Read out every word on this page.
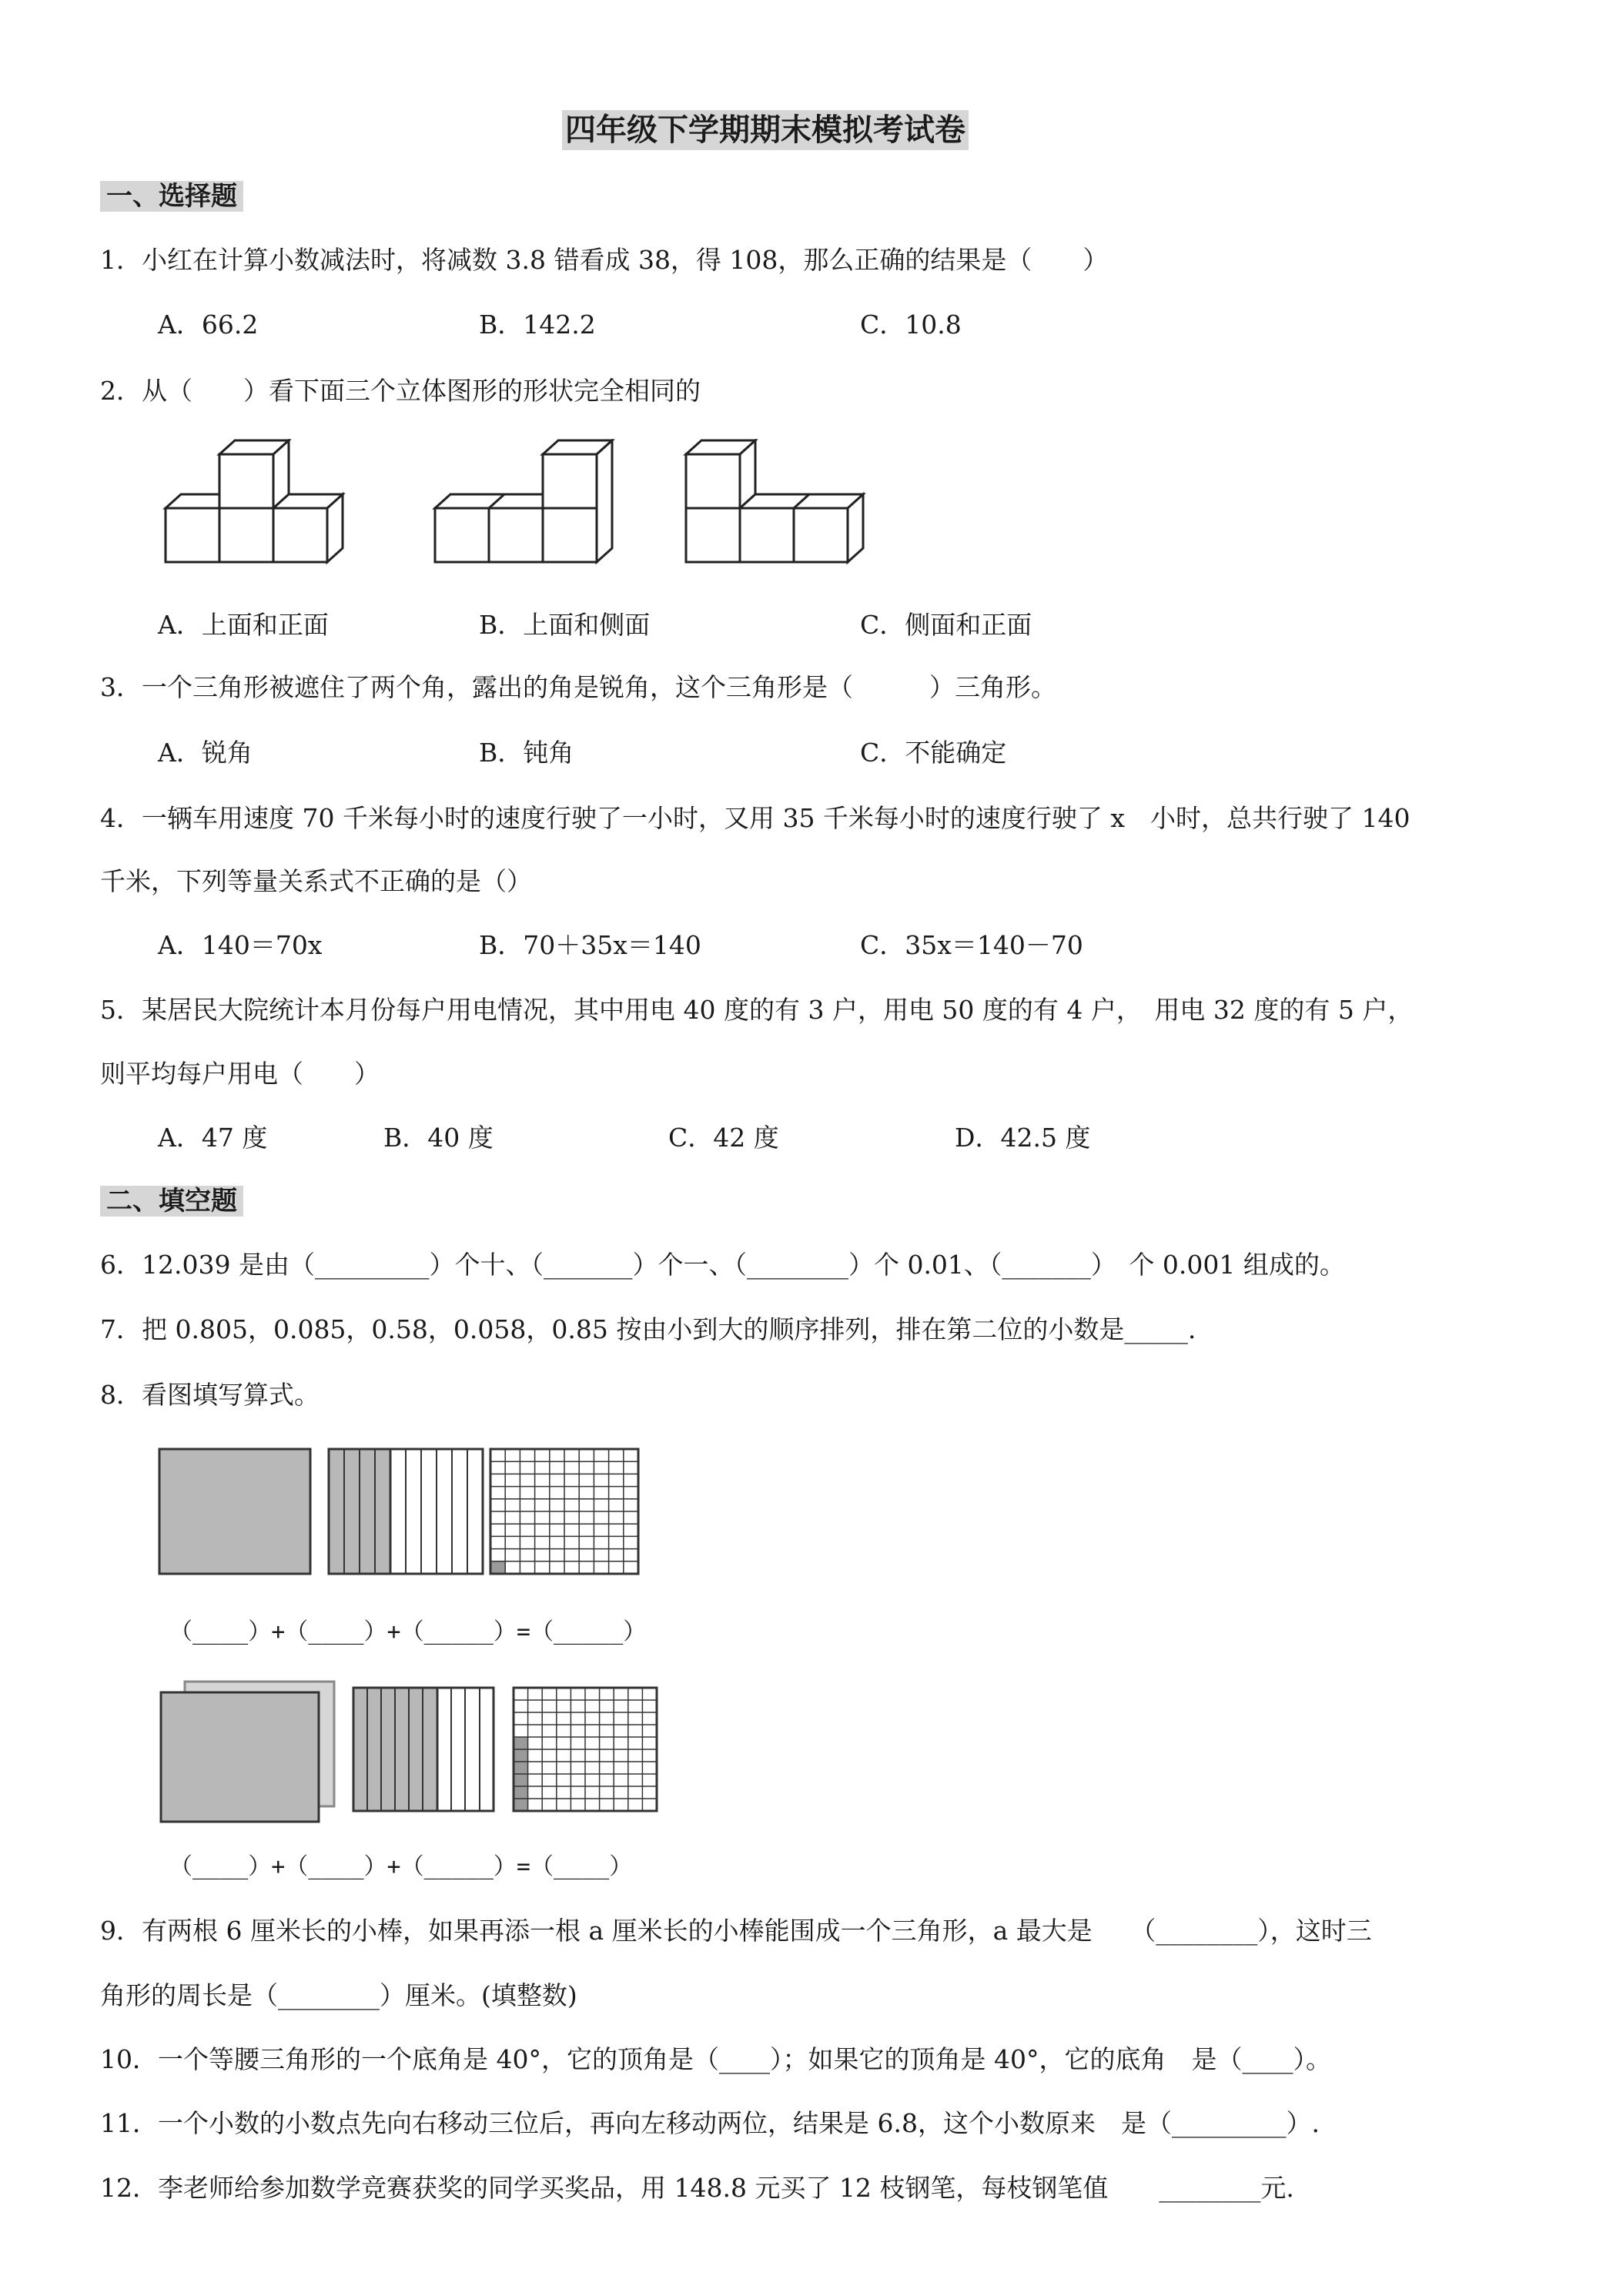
四年级下学期期末模拟考试卷
一、选择题
1．小红在计算小数减法时，将减数 3.8 错看成 38，得 108，那么正确的结果是（　　）
A．66.2	B．142.2	C．10.8
2．从（　　）看下面三个立体图形的形状完全相同的
A．上面和正面	B．上面和侧面	C．侧面和正面
3．一个三角形被遮住了两个角，露出的角是锐角，这个三角形是（　　　）三角形。
A．锐角	B．钝角	C．不能确定
4．一辆车用速度 70 千米每小时的速度行驶了一小时，又用 35 千米每小时的速度行驶了 x　小时，总共行驶了 140
千米，下列等量关系式不正确的是（）
A．140＝70x	B．70＋35x＝140	C．35x＝140－70
5．某居民大院统计本月份每户用电情况，其中用电 40 度的有 3 户，用电 50 度的有 4 户，　用电 32 度的有 5 户，
则平均每户用电（　　）
A．47 度	B．40 度	C．42 度	D．42.5 度
二、填空题
6．12.039 是由（_________）个十、（_______）个一、（________）个 0.01、（_______）　个 0.001 组成的。
7．把 0.805，0.085，0.58，0.058，0.85 按由小到大的顺序排列，排在第二位的小数是_____.
8．看图填写算式。
（____）+（____）+（_____）=（_____）
（____）+（____）+（_____）=（____）
9．有两根 6 厘米长的小棒，如果再添一根 a 厘米长的小棒能围成一个三角形，a 最大是　　（________），这时三
角形的周长是（________）厘米。(填整数)
10．一个等腰三角形的一个底角是 40°，它的顶角是（____）；如果它的顶角是 40°，它的底角　是（____）。
11．一个小数的小数点先向右移动三位后，再向左移动两位，结果是 6.8，这个小数原来　是（_________）.
12．李老师给参加数学竞赛获奖的同学买奖品，用 148.8 元买了 12 枝钢笔，每枝钢笔值　　________元.
